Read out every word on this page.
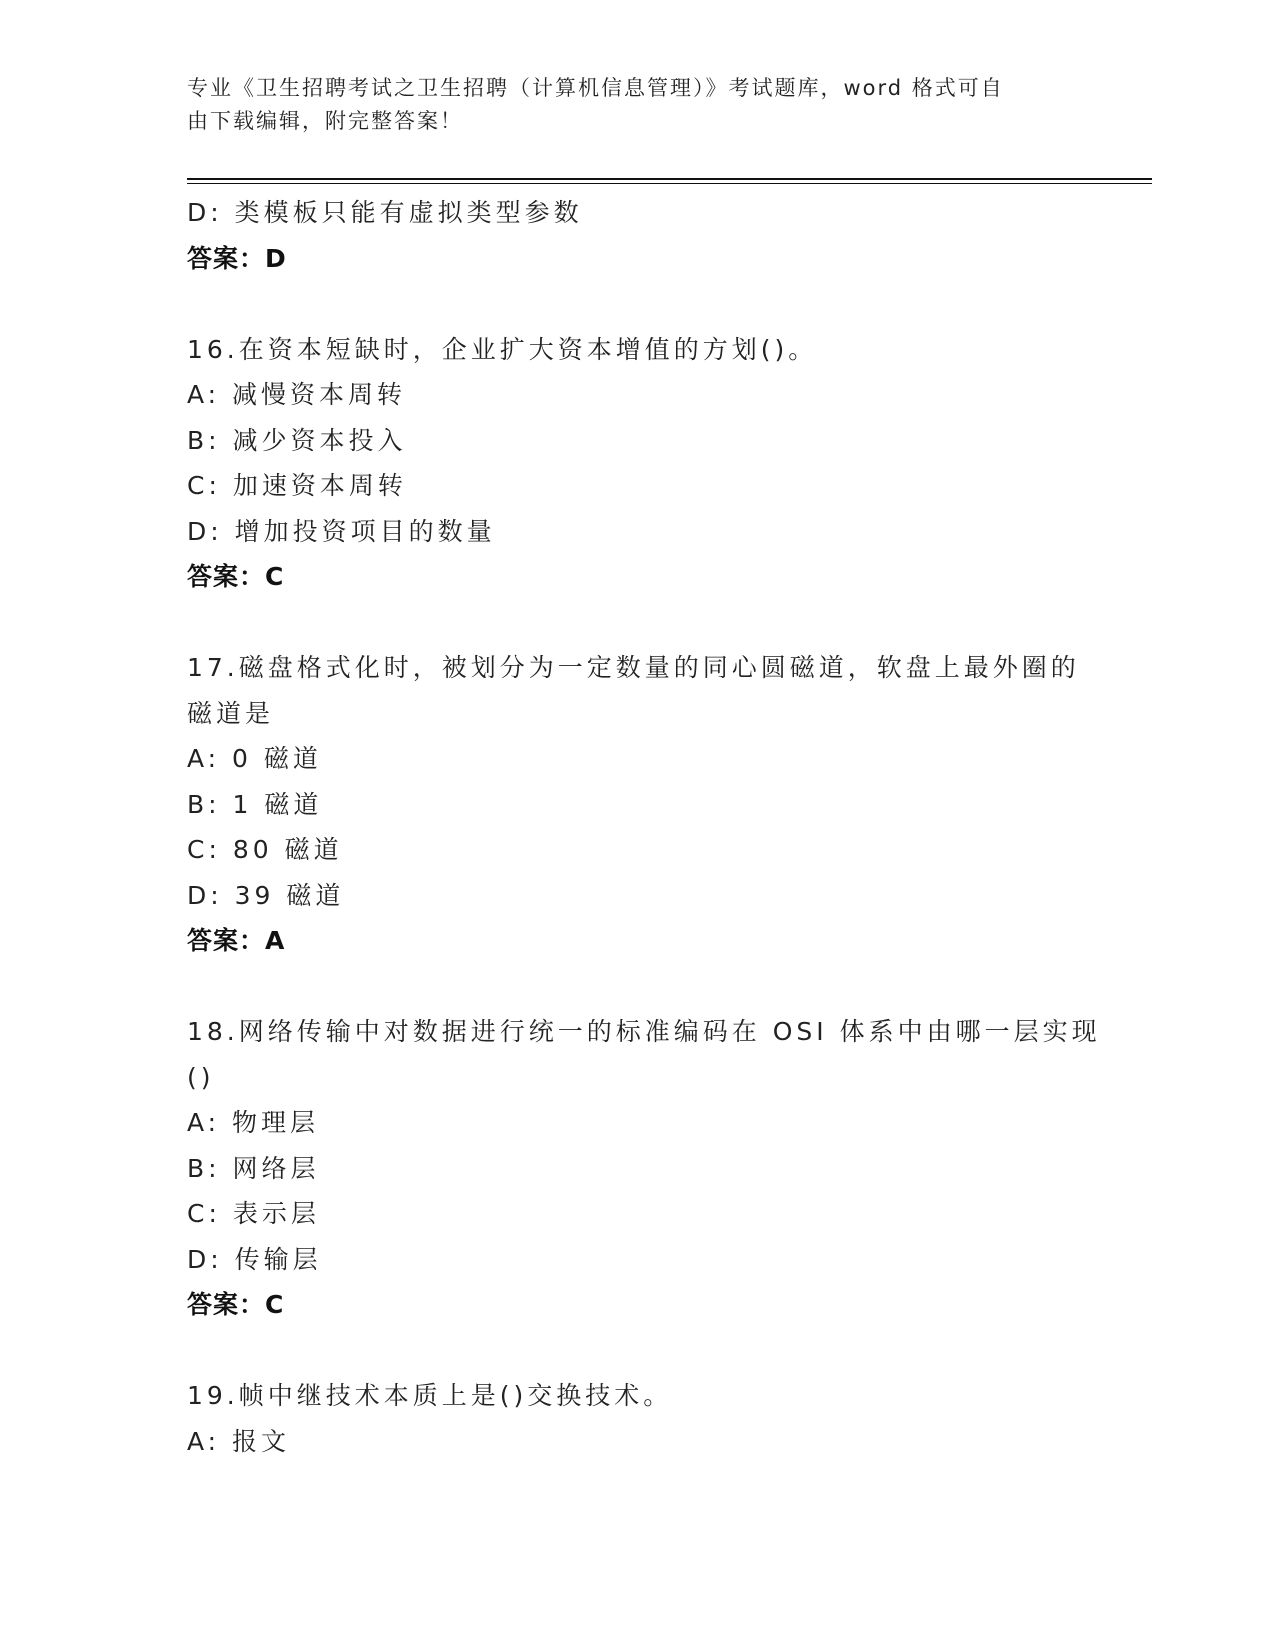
专业《卫生招聘考试之卫生招聘（计算机信息管理）》考试题库，word 格式可自
由下载编辑，附完整答案！
D: 类模板只能有虚拟类型参数
答案：D
16.在资本短缺时，企业扩大资本增值的方划()。
A: 减慢资本周转
B: 减少资本投入
C: 加速资本周转
D: 增加投资项目的数量
答案：C
17.磁盘格式化时，被划分为一定数量的同心圆磁道，软盘上最外圈的
磁道是
A: 0 磁道
B: 1 磁道
C: 80 磁道
D: 39 磁道
答案：A
18.网络传输中对数据进行统一的标准编码在 OSI 体系中由哪一层实现
()
A: 物理层
B: 网络层
C: 表示层
D: 传输层
答案：C
19.帧中继技术本质上是()交换技术。
A: 报文
